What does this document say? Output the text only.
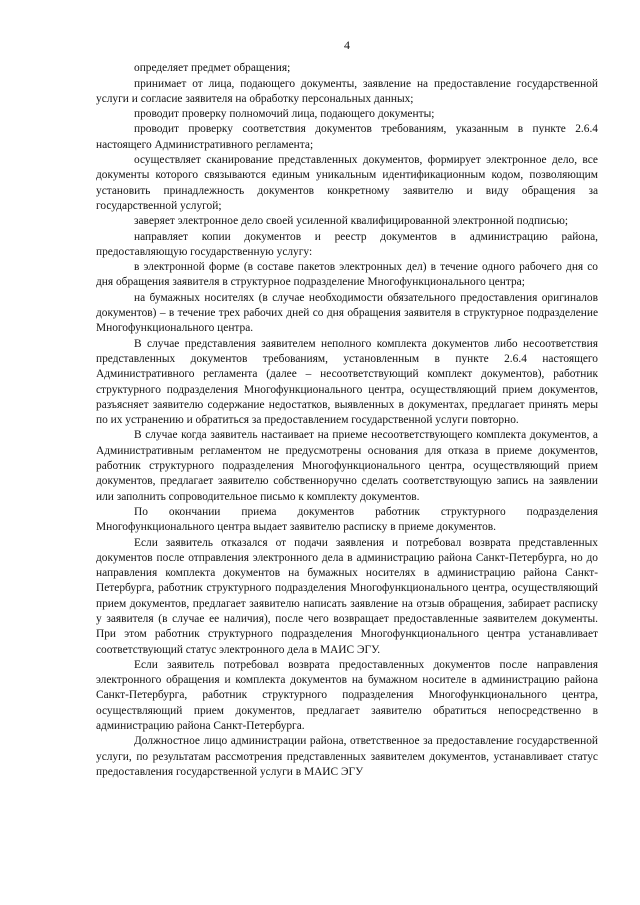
4

определяет предмет обращения;

принимает от лица, подающего документы, заявление на предоставление государственной услуги и согласие заявителя на обработку персональных данных;

проводит проверку полномочий лица, подающего документы;

проводит проверку соответствия документов требованиям, указанным в пункте 2.6.4 настоящего Административного регламента;

осуществляет сканирование представленных документов, формирует электронное дело, все документы которого связываются единым уникальным идентификационным кодом, позволяющим установить принадлежность документов конкретному заявителю и виду обращения за государственной услугой;

заверяет электронное дело своей усиленной квалифицированной электронной подписью;

направляет копии документов и реестр документов в администрацию района, предоставляющую государственную услугу:

в электронной форме (в составе пакетов электронных дел) в течение одного рабочего дня со дня обращения заявителя в структурное подразделение Многофункционального центра;

на бумажных носителях (в случае необходимости обязательного предоставления оригиналов документов) – в течение трех рабочих дней со дня обращения заявителя в структурное подразделение Многофункционального центра.

В случае представления заявителем неполного комплекта документов либо несоответствия представленных документов требованиям, установленным в пункте 2.6.4 настоящего Административного регламента (далее – несоответствующий комплект документов), работник структурного подразделения Многофункционального центра, осуществляющий прием документов, разъясняет заявителю содержание недостатков, выявленных в документах, предлагает принять меры по их устранению и обратиться за предоставлением государственной услуги повторно.

В случае когда заявитель настаивает на приеме несоответствующего комплекта документов, а Административным регламентом не предусмотрены основания для отказа в приеме документов, работник структурного подразделения Многофункционального центра, осуществляющий прием документов, предлагает заявителю собственноручно сделать соответствующую запись на заявлении или заполнить сопроводительное письмо к комплекту документов.

По окончании приема документов работник структурного подразделения Многофункционального центра выдает заявителю расписку в приеме документов.

Если заявитель отказался от подачи заявления и потребовал возврата представленных документов после отправления электронного дела в администрацию района Санкт-Петербурга, но до направления комплекта документов на бумажных носителях в администрацию района Санкт-Петербурга, работник структурного подразделения Многофункционального центра, осуществляющий прием документов, предлагает заявителю написать заявление на отзыв обращения, забирает расписку у заявителя (в случае ее наличия), после чего возвращает предоставленные заявителем документы. При этом работник структурного подразделения Многофункционального центра устанавливает соответствующий статус электронного дела в МАИС ЭГУ.

Если заявитель потребовал возврата предоставленных документов после направления электронного обращения и комплекта документов на бумажном носителе в администрацию района Санкт-Петербурга, работник структурного подразделения Многофункционального центра, осуществляющий прием документов, предлагает заявителю обратиться непосредственно в администрацию района Санкт-Петербурга.

Должностное лицо администрации района, ответственное за предоставление государственной услуги, по результатам рассмотрения представленных заявителем документов, устанавливает статус предоставления государственной услуги в МАИС ЭГУ
